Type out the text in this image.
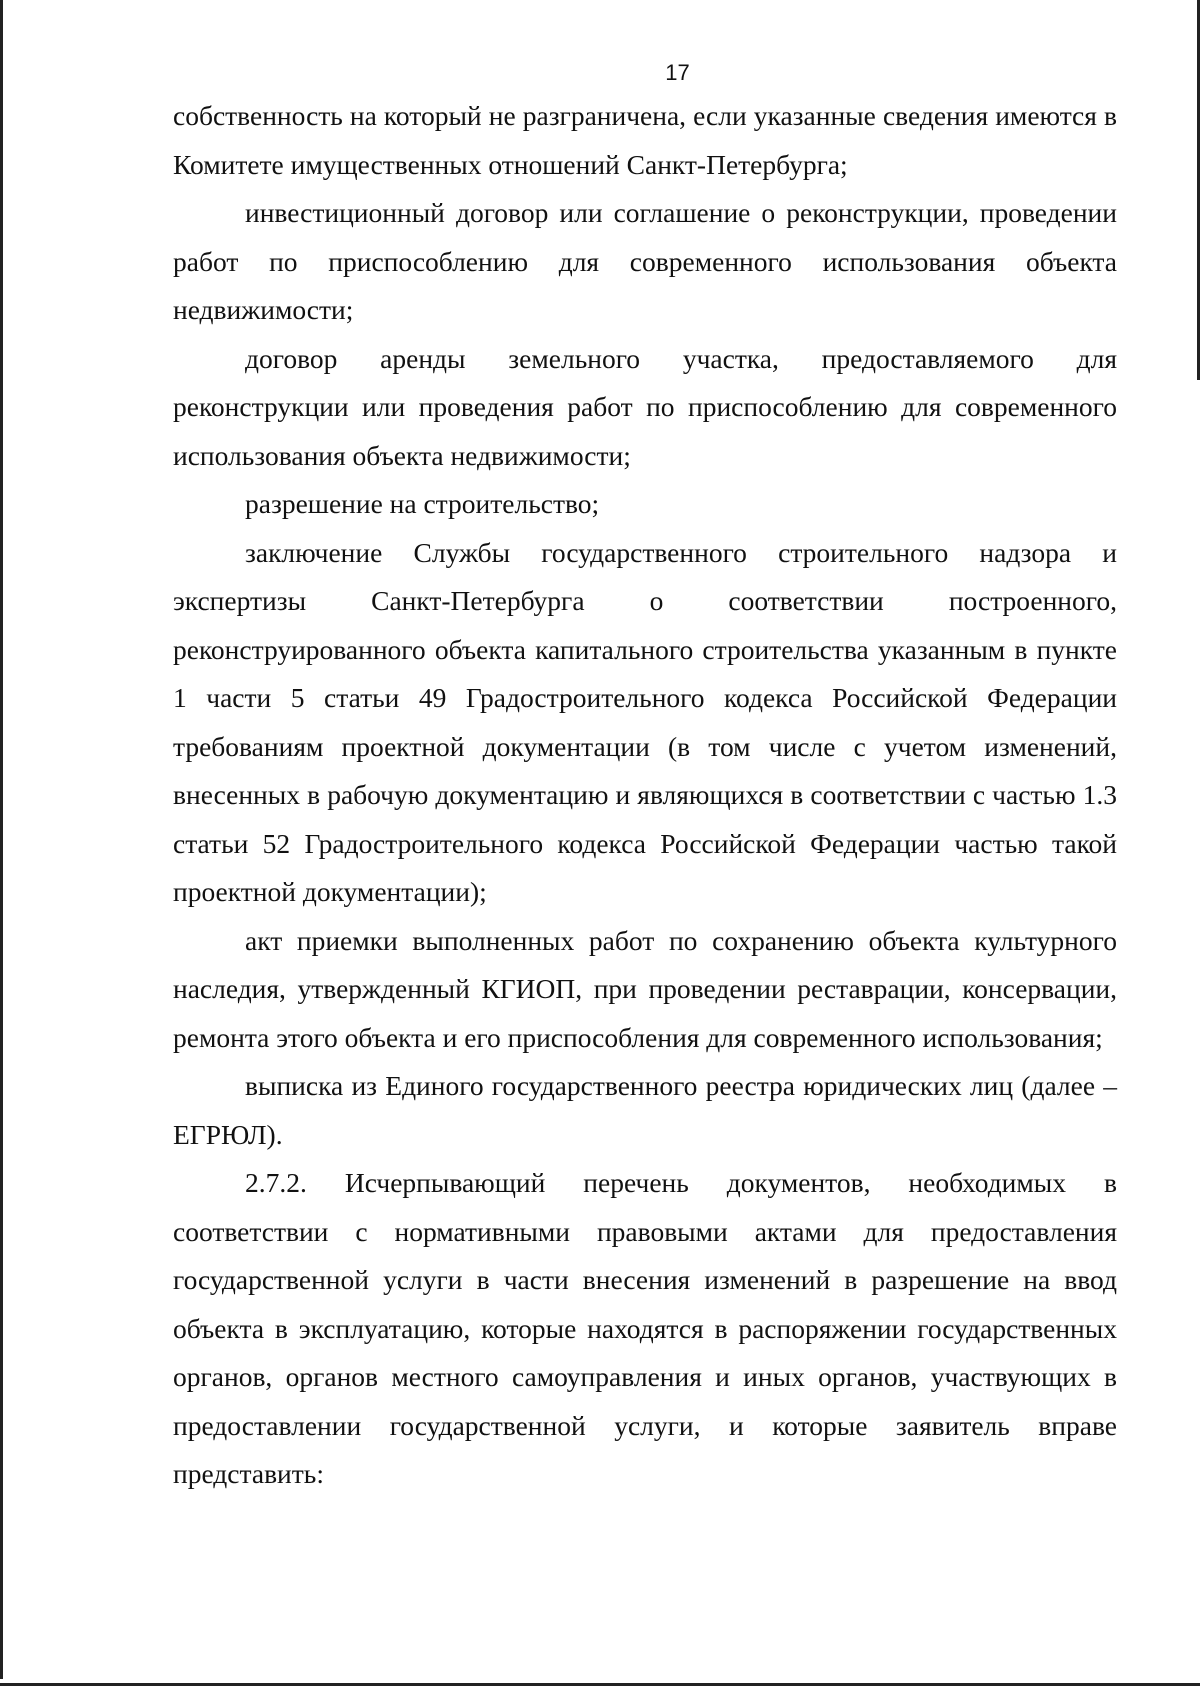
17

собственность на который не разграничена, если указанные сведения имеются в Комитете имущественных отношений Санкт-Петербурга;

инвестиционный договор или соглашение о реконструкции, проведении работ по приспособлению для современного использования объекта недвижимости;

договор аренды земельного участка, предоставляемого для реконструкции или проведения работ по приспособлению для современного использования объекта недвижимости;

разрешение на строительство;

заключение Службы государственного строительного надзора и экспертизы Санкт-Петербурга о соответствии построенного, реконструированного объекта капитального строительства указанным в пункте 1 части 5 статьи 49 Градостроительного кодекса Российской Федерации требованиям проектной документации (в том числе с учетом изменений, внесенных в рабочую документацию и являющихся в соответствии с частью 1.3 статьи 52 Градостроительного кодекса Российской Федерации частью такой проектной документации);

акт приемки выполненных работ по сохранению объекта культурного наследия, утвержденный КГИОП, при проведении реставрации, консервации, ремонта этого объекта и его приспособления для современного использования;

выписка из Единого государственного реестра юридических лиц (далее – ЕГРЮЛ).

2.7.2. Исчерпывающий перечень документов, необходимых в соответствии с нормативными правовыми актами для предоставления государственной услуги в части внесения изменений в разрешение на ввод объекта в эксплуатацию, которые находятся в распоряжении государственных органов, органов местного самоуправления и иных органов, участвующих в предоставлении государственной услуги, и которые заявитель вправе представить:
